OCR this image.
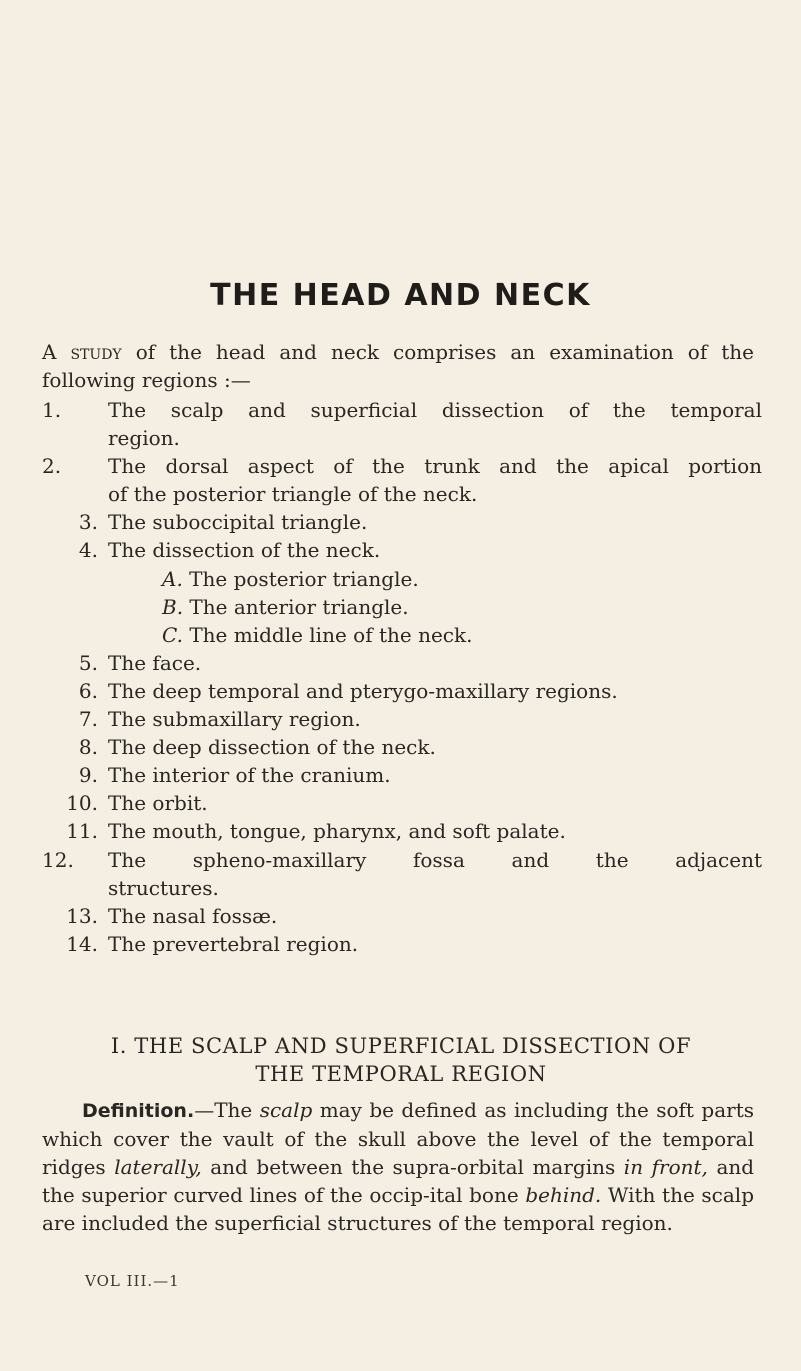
THE HEAD AND NECK
A study of the head and neck comprises an examination of the following regions :—
1.	The scalp and superficial dissection of the temporal
region.
2.	The dorsal aspect of the trunk and the apical portion
of the posterior triangle of the neck.
3. The suboccipital triangle.
4. The dissection of the neck.
A. The posterior triangle.
B. The anterior triangle.
C. The middle line of the neck.
5. The face.
6. The deep temporal and pterygo-maxillary regions.
7. The submaxillary region.
8. The deep dissection of the neck.
9. The interior of the cranium.
10. The orbit.
11. The mouth, tongue, pharynx, and soft palate.
12.	The spheno-maxillary fossa and the adjacent
structures.
13. The nasal fossæ.
14. The prevertebral region.
I. THE SCALP AND SUPERFICIAL DISSECTION OF
THE TEMPORAL REGION
Definition.—The scalp may be defined as including the soft parts which cover the vault of the skull above the level of the temporal ridges laterally, and between the supra-orbital margins in front, and the superior curved lines of the occip-ital bone behind. With the scalp are included the superficial structures of the temporal region.
VOL III.—1
